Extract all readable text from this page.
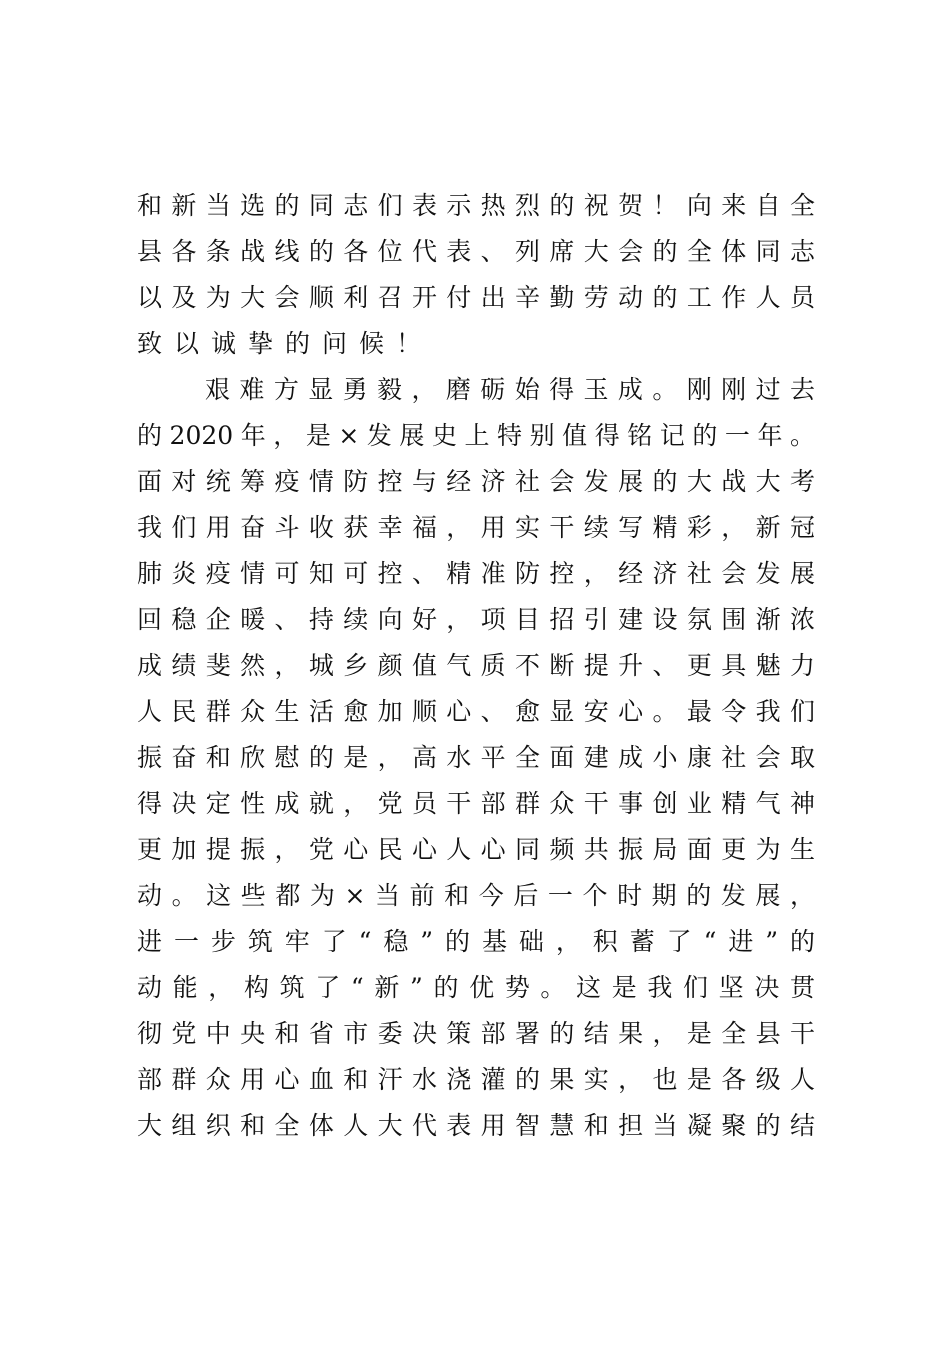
和新当选的同志们表示热烈的祝贺！向来自全
县各条战线的各位代表、列席大会的全体同志
以及为大会顺利召开付出辛勤劳动的工作人员
致以诚挚的问候！
艰难方显勇毅，磨砺始得玉成。刚刚过去
的2020年，是×发展史上特别值得铭记的一年。
面对统筹疫情防控与经济社会发展的大战大考
我们用奋斗收获幸福，用实干续写精彩，新冠
肺炎疫情可知可控、精准防控，经济社会发展
回稳企暖、持续向好，项目招引建设氛围渐浓
成绩斐然，城乡颜值气质不断提升、更具魅力
人民群众生活愈加顺心、愈显安心。最令我们
振奋和欣慰的是，高水平全面建成小康社会取
得决定性成就，党员干部群众干事创业精气神
更加提振，党心民心人心同频共振局面更为生
动。这些都为×当前和今后一个时期的发展，
进一步筑牢了“稳”的基础，积蓄了“进”的
动能，构筑了“新”的优势。这是我们坚决贯
彻党中央和省市委决策部署的结果，是全县干
部群众用心血和汗水浇灌的果实，也是各级人
大组织和全体人大代表用智慧和担当凝聚的结
